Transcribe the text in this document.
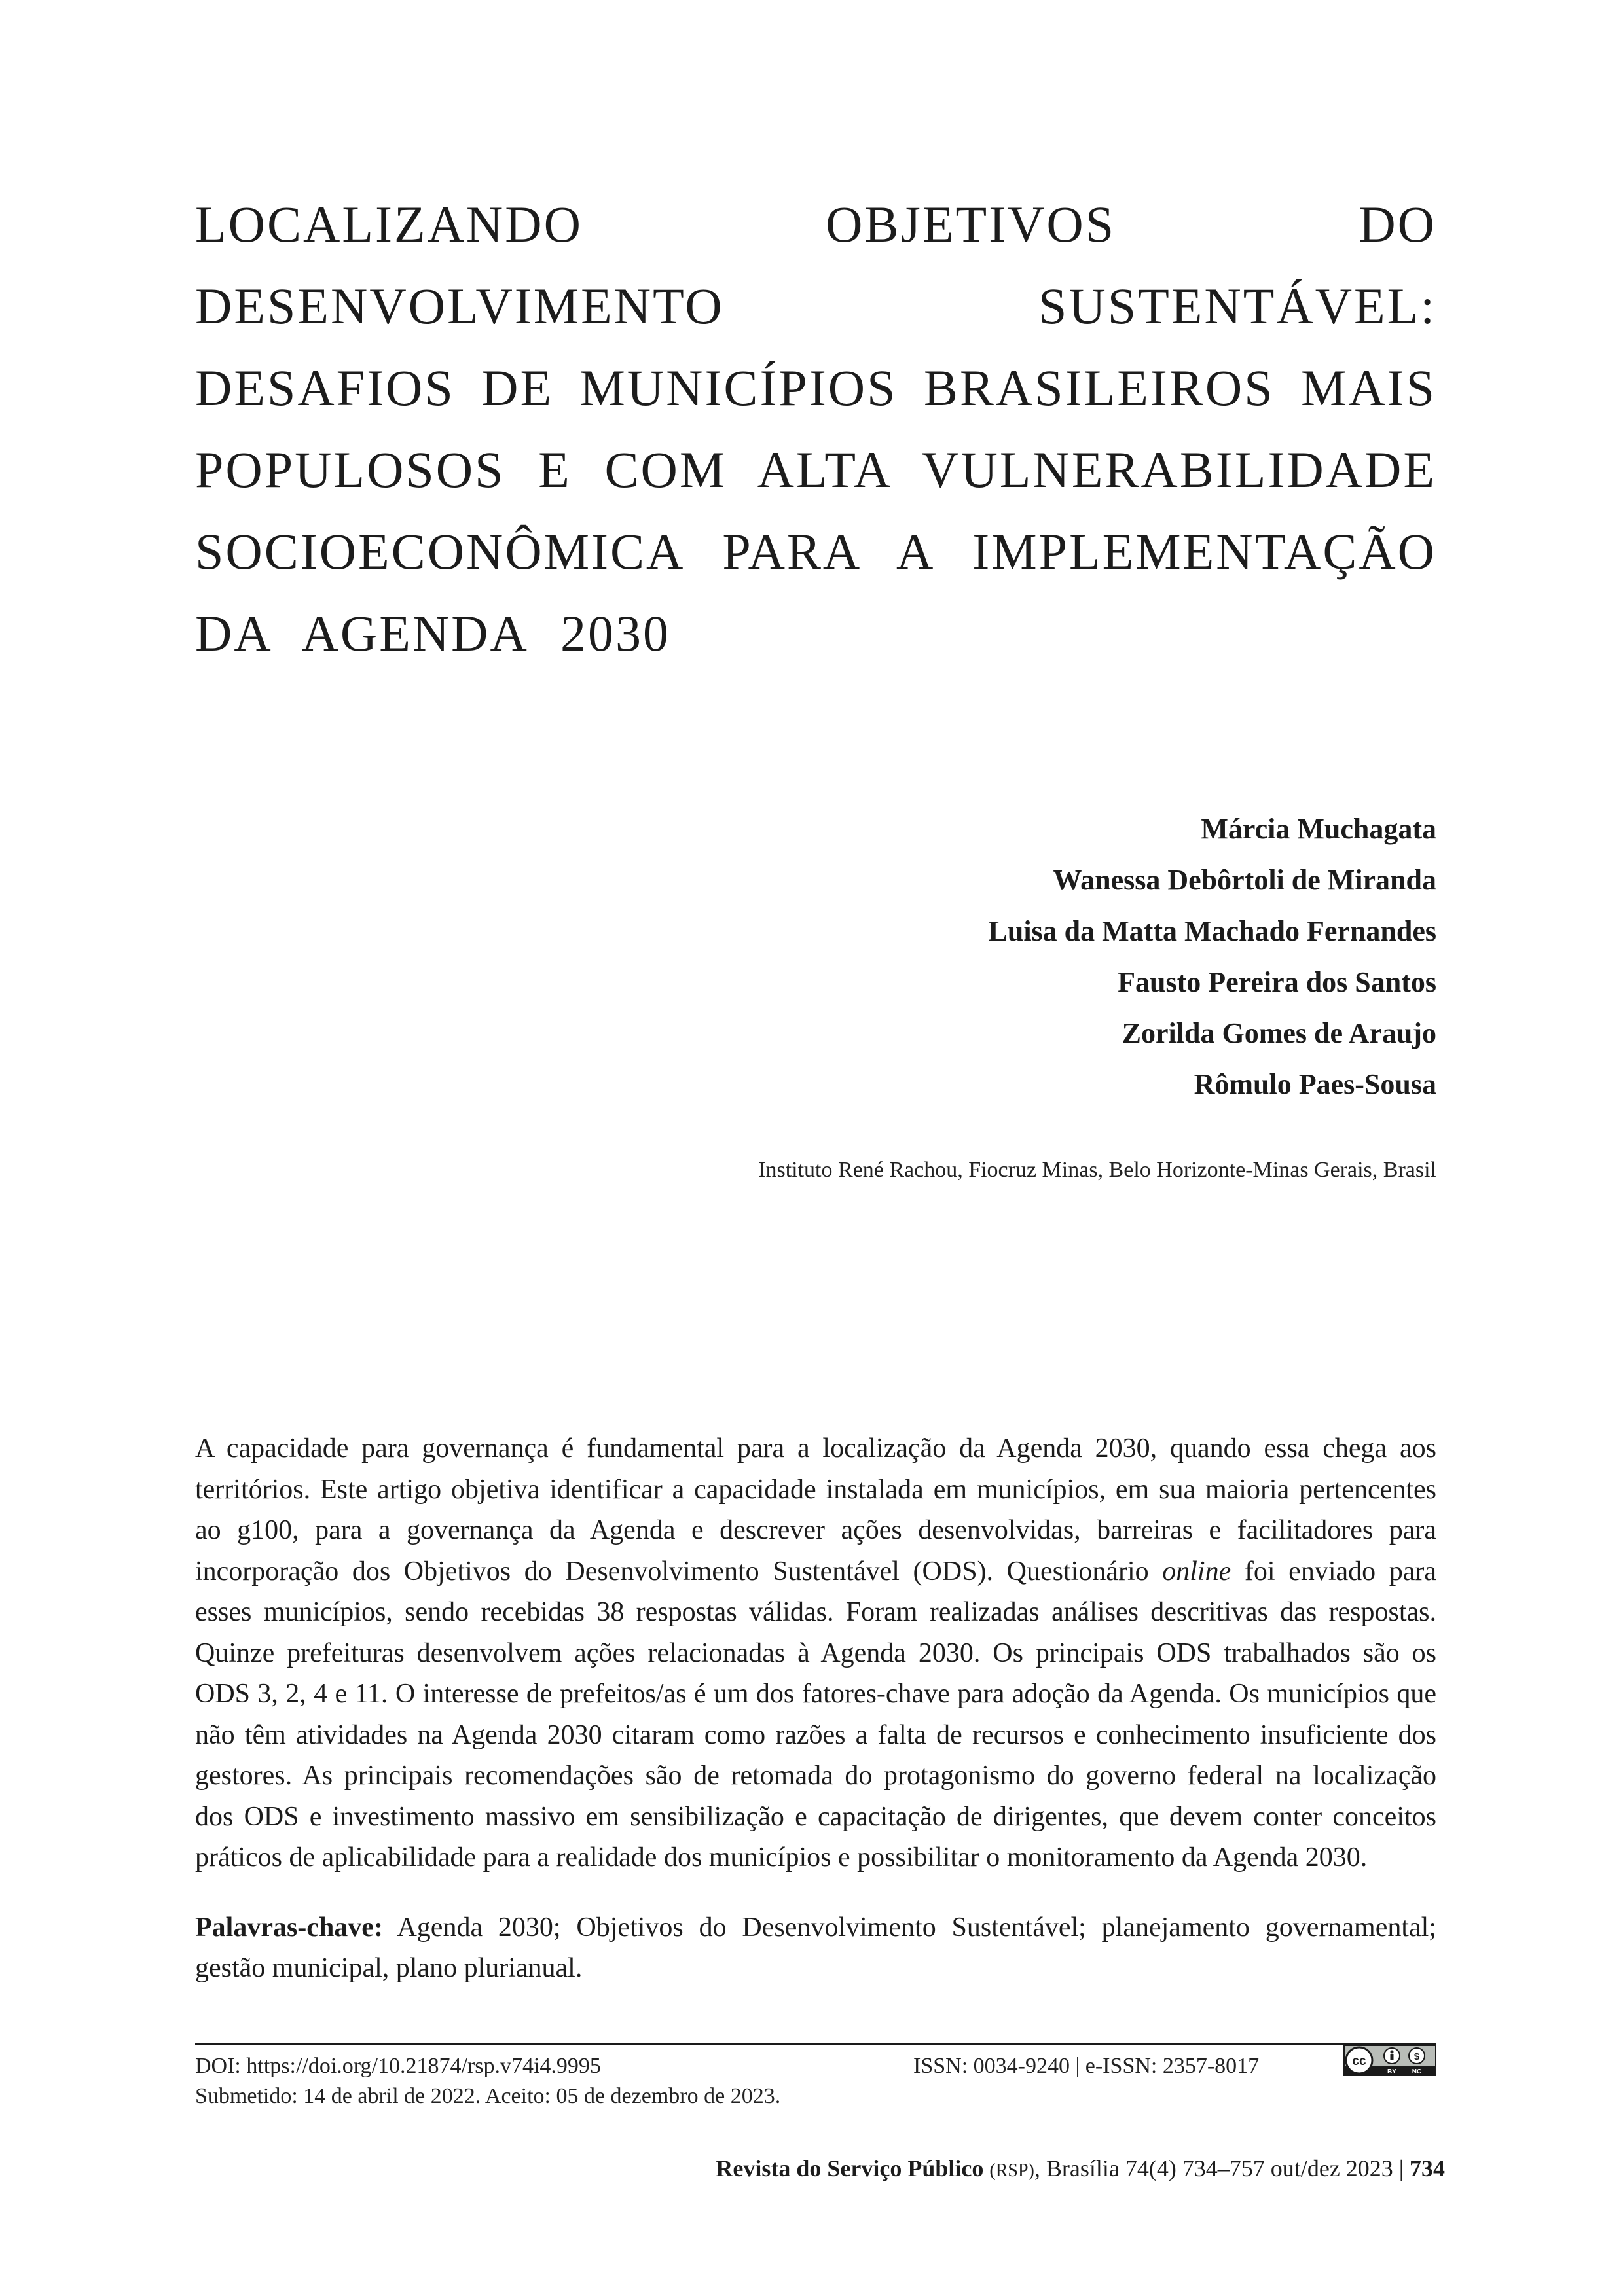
LOCALIZANDO OBJETIVOS DO
DESENVOLVIMENTO SUSTENTÁVEL:
DESAFIOS DE MUNICÍPIOS BRASILEIROS MAIS
POPULOSOS E COM ALTA VULNERABILIDADE
SOCIOECONÔMICA PARA A IMPLEMENTAÇÃO
DA AGENDA 2030
Márcia Muchagata
Wanessa Debôrtoli de Miranda
Luisa da Matta Machado Fernandes
Fausto Pereira dos Santos
Zorilda Gomes de Araujo
Rômulo Paes-Sousa
Instituto René Rachou, Fiocruz Minas, Belo Horizonte-Minas Gerais, Brasil
A capacidade para governança é fundamental para a localização da Agenda 2030, quando essa chega aos
territórios. Este artigo objetiva identificar a capacidade instalada em municípios, em sua maioria pertencentes
ao g100, para a governança da Agenda e descrever ações desenvolvidas, barreiras e facilitadores para
incorporação dos Objetivos do Desenvolvimento Sustentável (ODS). Questionário online foi enviado para
esses municípios, sendo recebidas 38 respostas válidas. Foram realizadas análises descritivas das respostas.
Quinze prefeituras desenvolvem ações relacionadas à Agenda 2030. Os principais ODS trabalhados são os
ODS 3, 2, 4 e 11. O interesse de prefeitos/as é um dos fatores-chave para adoção da Agenda. Os municípios que
não têm atividades na Agenda 2030 citaram como razões a falta de recursos e conhecimento insuficiente dos
gestores. As principais recomendações são de retomada do protagonismo do governo federal na localização
dos ODS e investimento massivo em sensibilização e capacitação de dirigentes, que devem conter conceitos
práticos de aplicabilidade para a realidade dos municípios e possibilitar o monitoramento da Agenda 2030.
Palavras-chave: Agenda 2030; Objetivos do Desenvolvimento Sustentável; planejamento governamental;
gestão municipal, plano plurianual.
DOI: https://doi.org/10.21874/rsp.v74i4.9995	ISSN: 0034-9240 | e-ISSN: 2357-8017
Submetido: 14 de abril de 2022. Aceito: 05 de dezembro de 2023.
cc	$
BY NC
Revista do Serviço Público (RSP), Brasília 74(4) 734–757 out/dez 2023 | 734
